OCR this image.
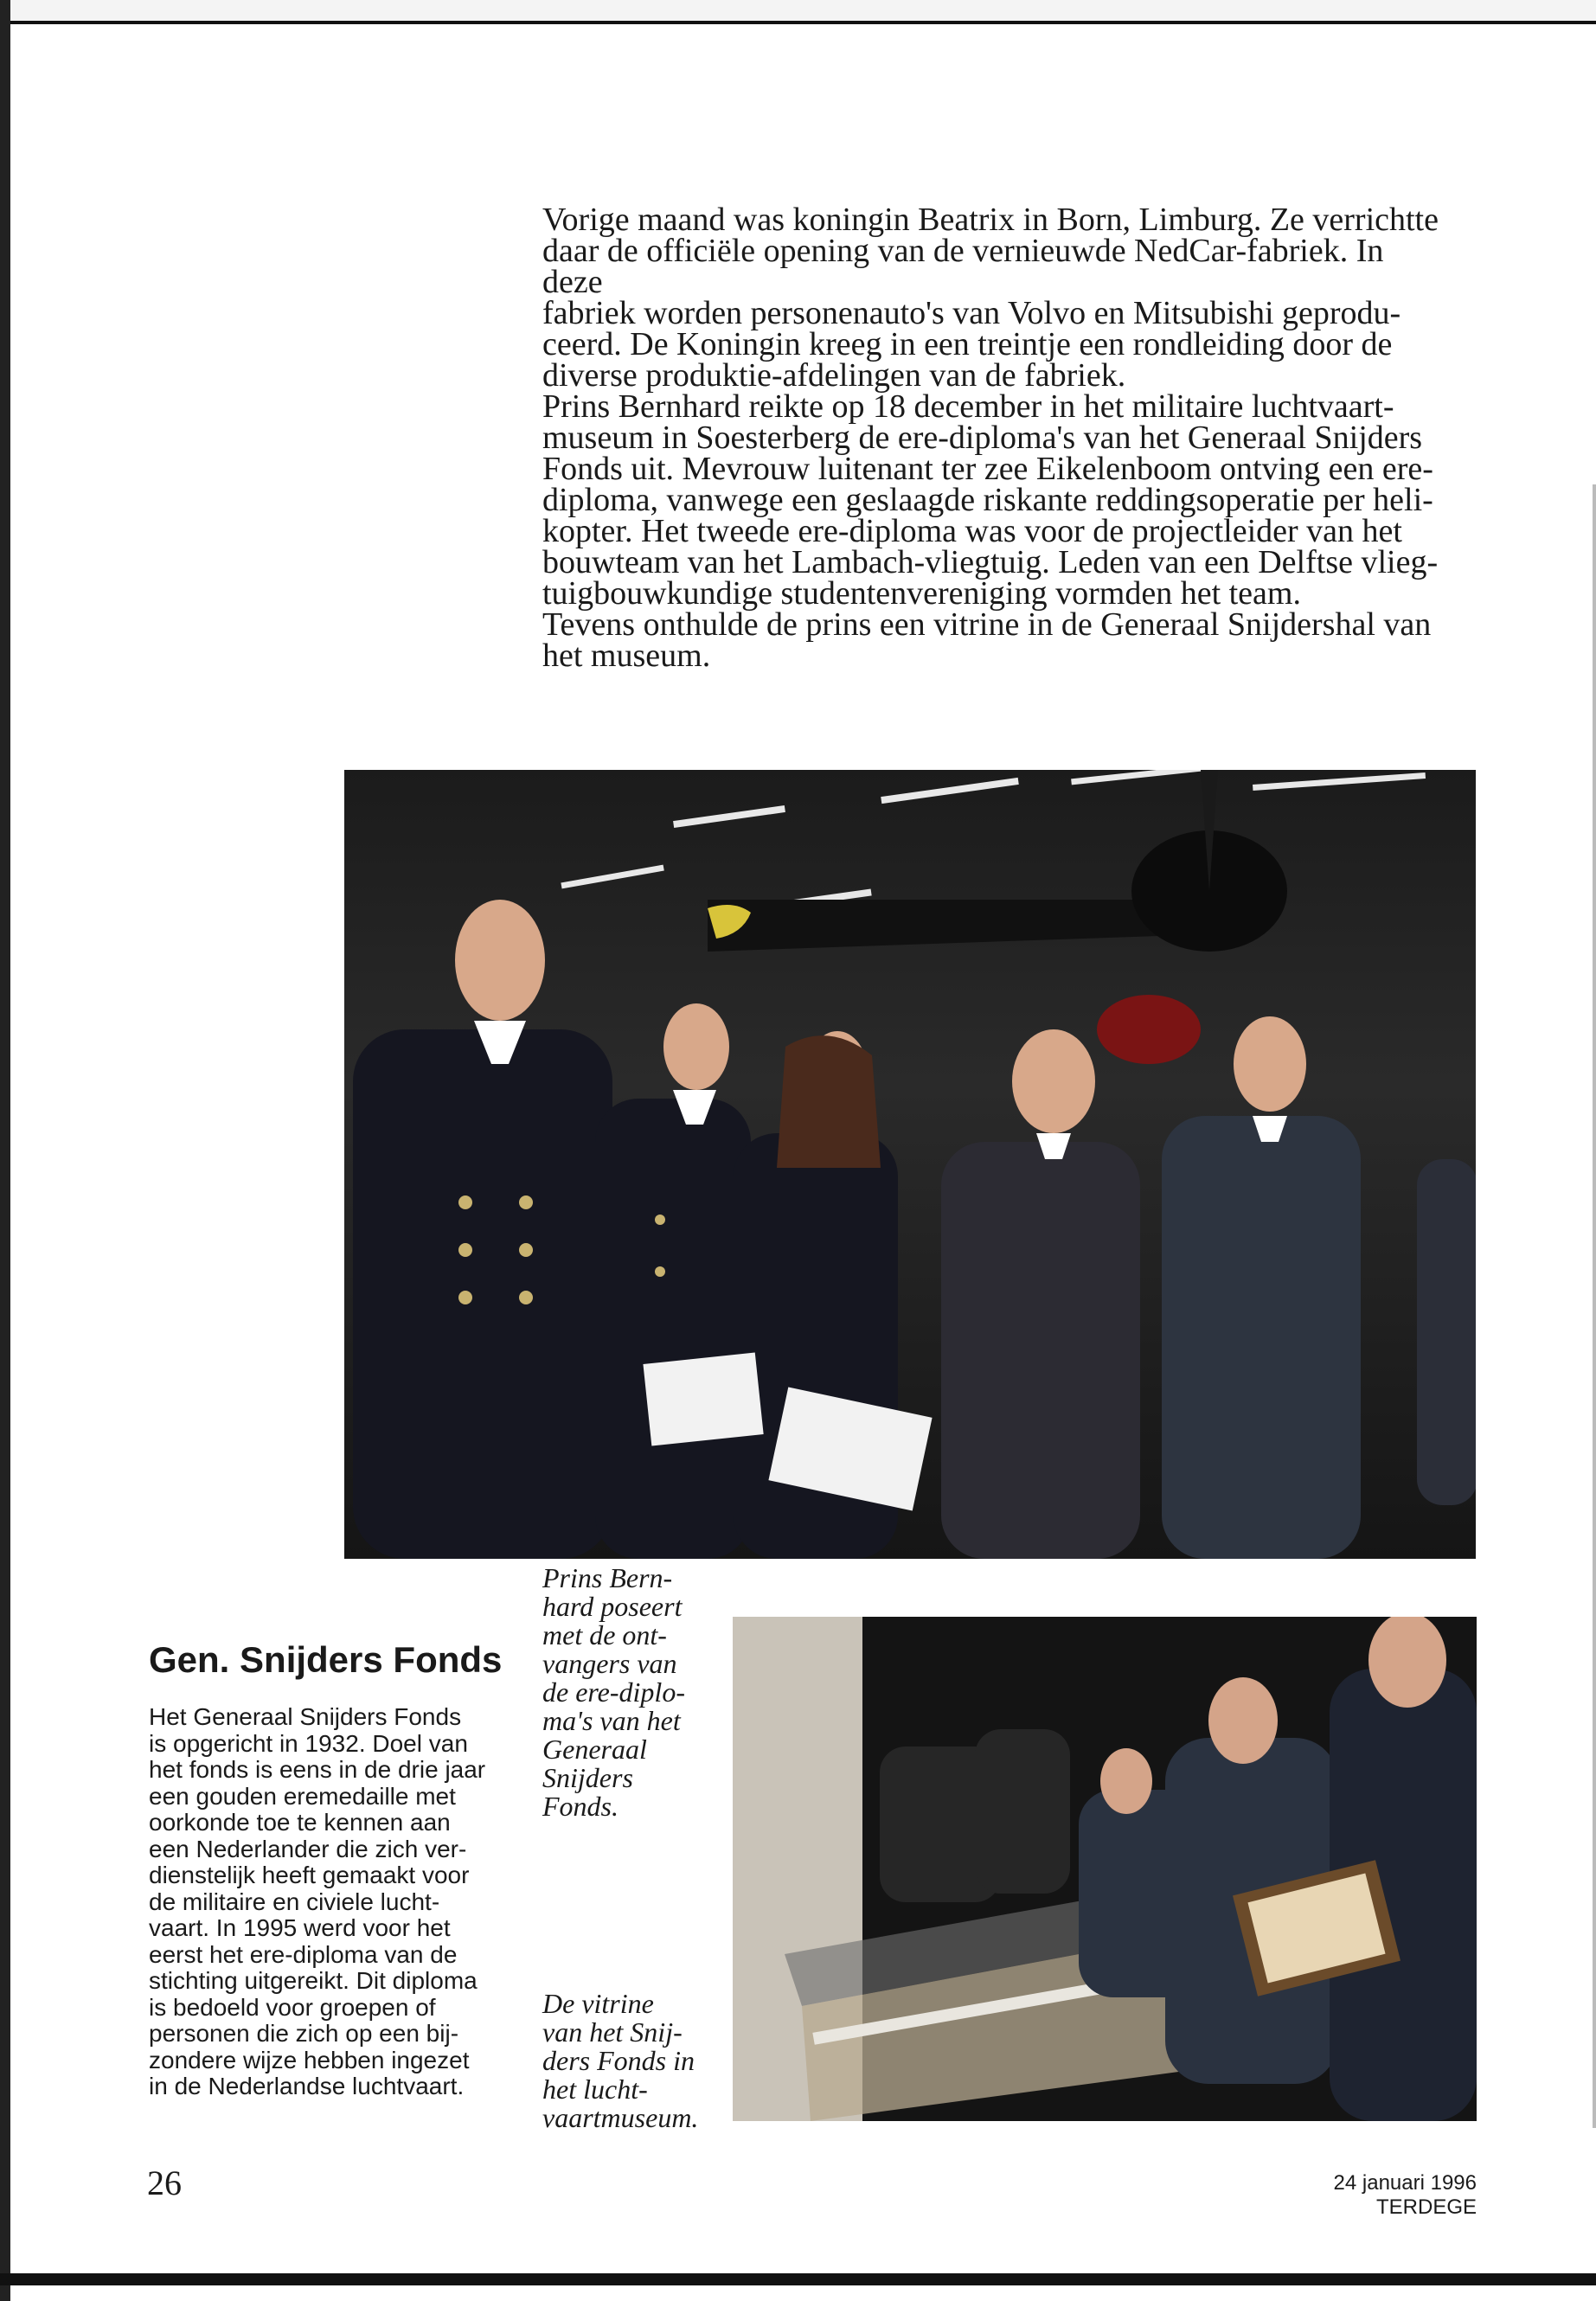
Vorige maand was koningin Beatrix in Born, Limburg. Ze verrichtte

daar de officiële opening van de vernieuwde NedCar-fabriek. In deze

fabriek worden personenauto's van Volvo en Mitsubishi geprodu-

ceerd. De Koningin kreeg in een treintje een rondleiding door de

diverse produktie-afdelingen van de fabriek.

Prins Bernhard reikte op 18 december in het militaire luchtvaart-

museum in Soesterberg de ere-diploma's van het Generaal Snijders

Fonds uit. Mevrouw luitenant ter zee Eikelenboom ontving een ere-

diploma, vanwege een geslaagde riskante reddingsoperatie per heli-

kopter. Het tweede ere-diploma was voor de projectleider van het

bouwteam van het Lambach-vliegtuig. Leden van een Delftse vlieg-

tuigbouwkundige studentenvereniging vormden het team.

Tevens onthulde de prins een vitrine in de Generaal Snijdershal van

het museum.

Prins Bern-
hard poseert
met de ont-
vangers van
de ere-diplo-
ma's van het
Generaal
Snijders
Fonds.

De vitrine
van het Snij-
ders Fonds in
het lucht-
vaartmuseum.

Gen. Snijders Fonds

Het Generaal Snijders Fonds
is opgericht in 1932. Doel van
het fonds is eens in de drie jaar
een gouden eremedaille met
oorkonde toe te kennen aan
een Nederlander die zich ver-
dienstelijk heeft gemaakt voor
de militaire en civiele lucht-
vaart. In 1995 werd voor het
eerst het ere-diploma van de
stichting uitgereikt. Dit diploma
is bedoeld voor groepen of
personen die zich op een bij-
zondere wijze hebben ingezet
in de Nederlandse luchtvaart.

26	24 januari 1996 TERDEGE
